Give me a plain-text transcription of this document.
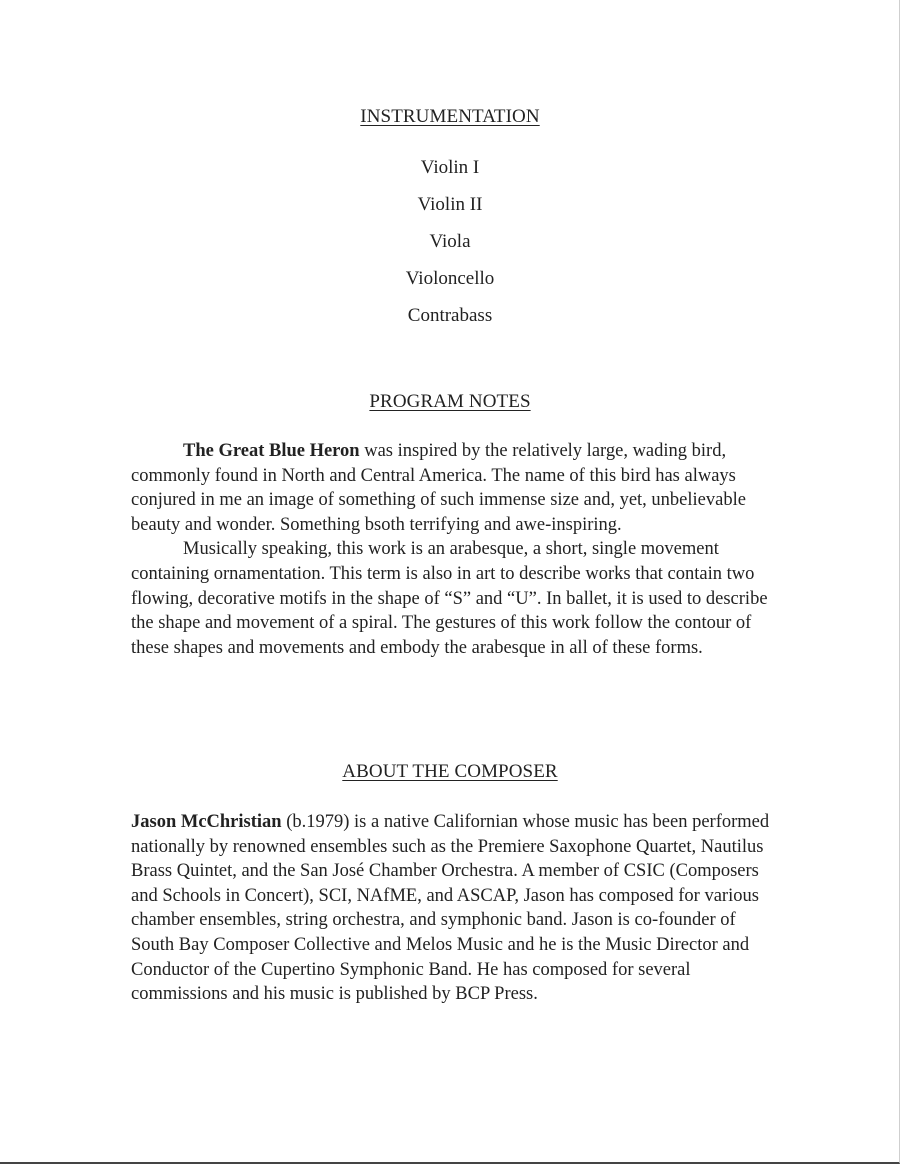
INSTRUMENTATION
Violin I
Violin II
Viola
Violoncello
Contrabass
PROGRAM NOTES

The Great Blue Heron was inspired by the relatively large, wading bird, commonly found in North and Central America. The name of this bird has always conjured in me an image of something of such immense size and, yet, unbelievable beauty and wonder. Something bsoth terrifying and awe-inspiring.

Musically speaking, this work is an arabesque, a short, single movement containing ornamentation. This term is also in art to describe works that contain two flowing, decorative motifs in the shape of “S” and “U”. In ballet, it is used to describe the shape and movement of a spiral. The gestures of this work follow the contour of these shapes and movements and embody the arabesque in all of these forms.

ABOUT THE COMPOSER

Jason McChristian (b.1979) is a native Californian whose music has been performed nationally by renowned ensembles such as the Premiere Saxophone Quartet, Nautilus Brass Quintet, and the San José Chamber Orchestra. A member of CSIC (Composers and Schools in Concert), SCI, NAfME, and ASCAP, Jason has composed for various chamber ensembles, string orchestra, and symphonic band. Jason is co-founder of South Bay Composer Collective and Melos Music and he is the Music Director and Conductor of the Cupertino Symphonic Band. He has composed for several commissions and his music is published by BCP Press.
